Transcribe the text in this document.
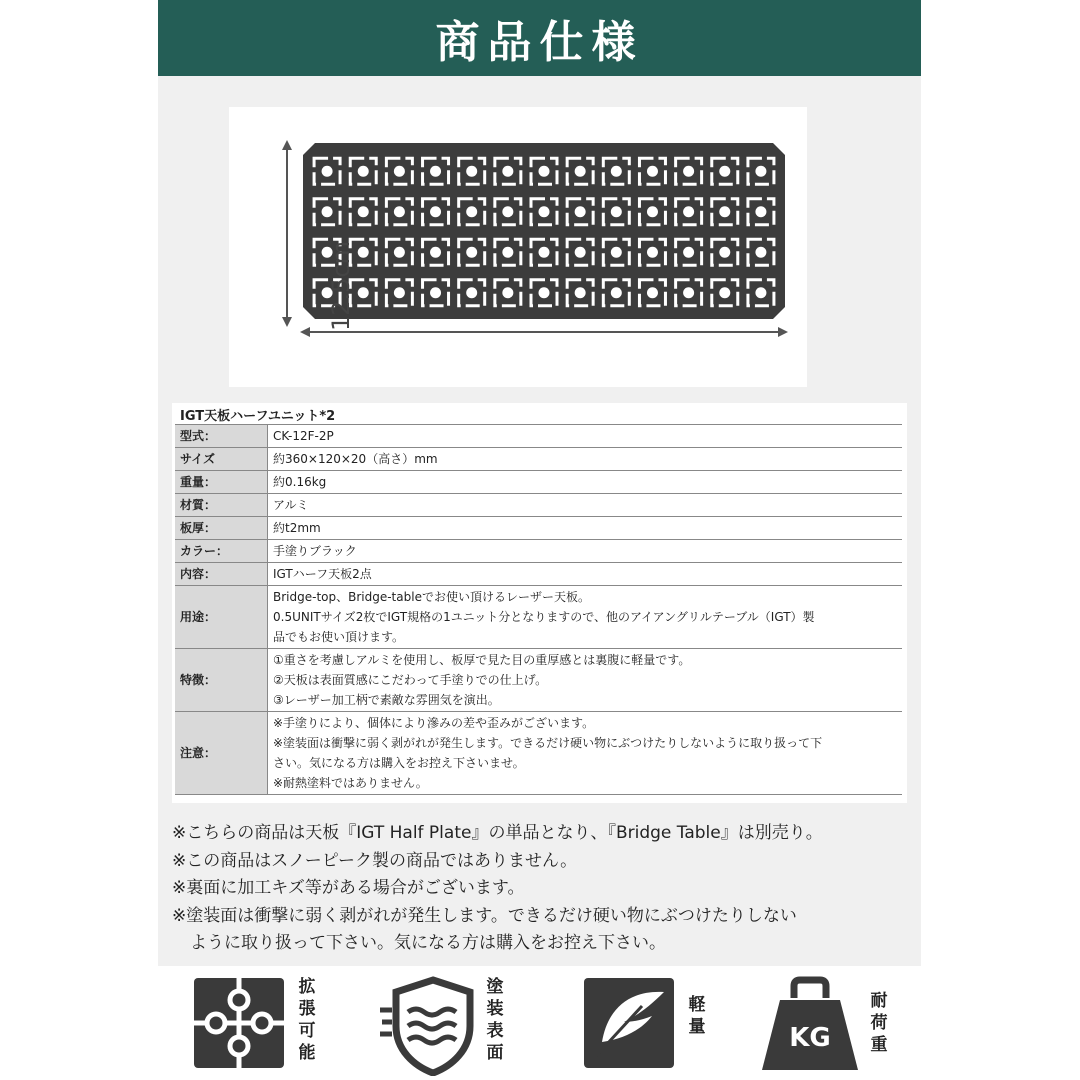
商品仕様
12.5cm
IGT天板ハーフユニット*2
型式：	CK-12F-2P

サイズ	約360×120×20（高さ）mm

重量：	約0.16kg

材質：	アルミ

板厚：	約t2mm

カラー：	手塗りブラック

内容：	IGTハーフ天板2点

用途：	Bridge-top、Bridge-tableでお使い頂けるレーザー天板。
0.5UNITサイズ2枚でIGT規格の1ユニット分となりますので、他のアイアングリルテーブル（IGT）製
品でもお使い頂けます。

特徴：	①重さを考慮しアルミを使用し、板厚で見た目の重厚感とは裏腹に軽量です。
②天板は表面質感にこだわって手塗りでの仕上げ。
③レーザー加工柄で素敵な雰囲気を演出。

注意：	※手塗りにより、個体により滲みの差や歪みがございます。
※塗装面は衝撃に弱く剥がれが発生します。できるだけ硬い物にぶつけたりしないように取り扱って下
さい。気になる方は購入をお控え下さいませ。
※耐熱塗料ではありません。
※こちらの商品は天板『IGT Half Plate』の単品となり、『Bridge Table』は別売り。
※この商品はスノーピーク製の商品ではありません。
※裏面に加工キズ等がある場合がございます。
※塗装面は衝撃に弱く剥がれが発生します。できるだけ硬い物にぶつけたりしない
ように取り扱って下さい。気になる方は購入をお控え下さい。
拡張可能
塗装表面
軽量	KG
耐荷重
